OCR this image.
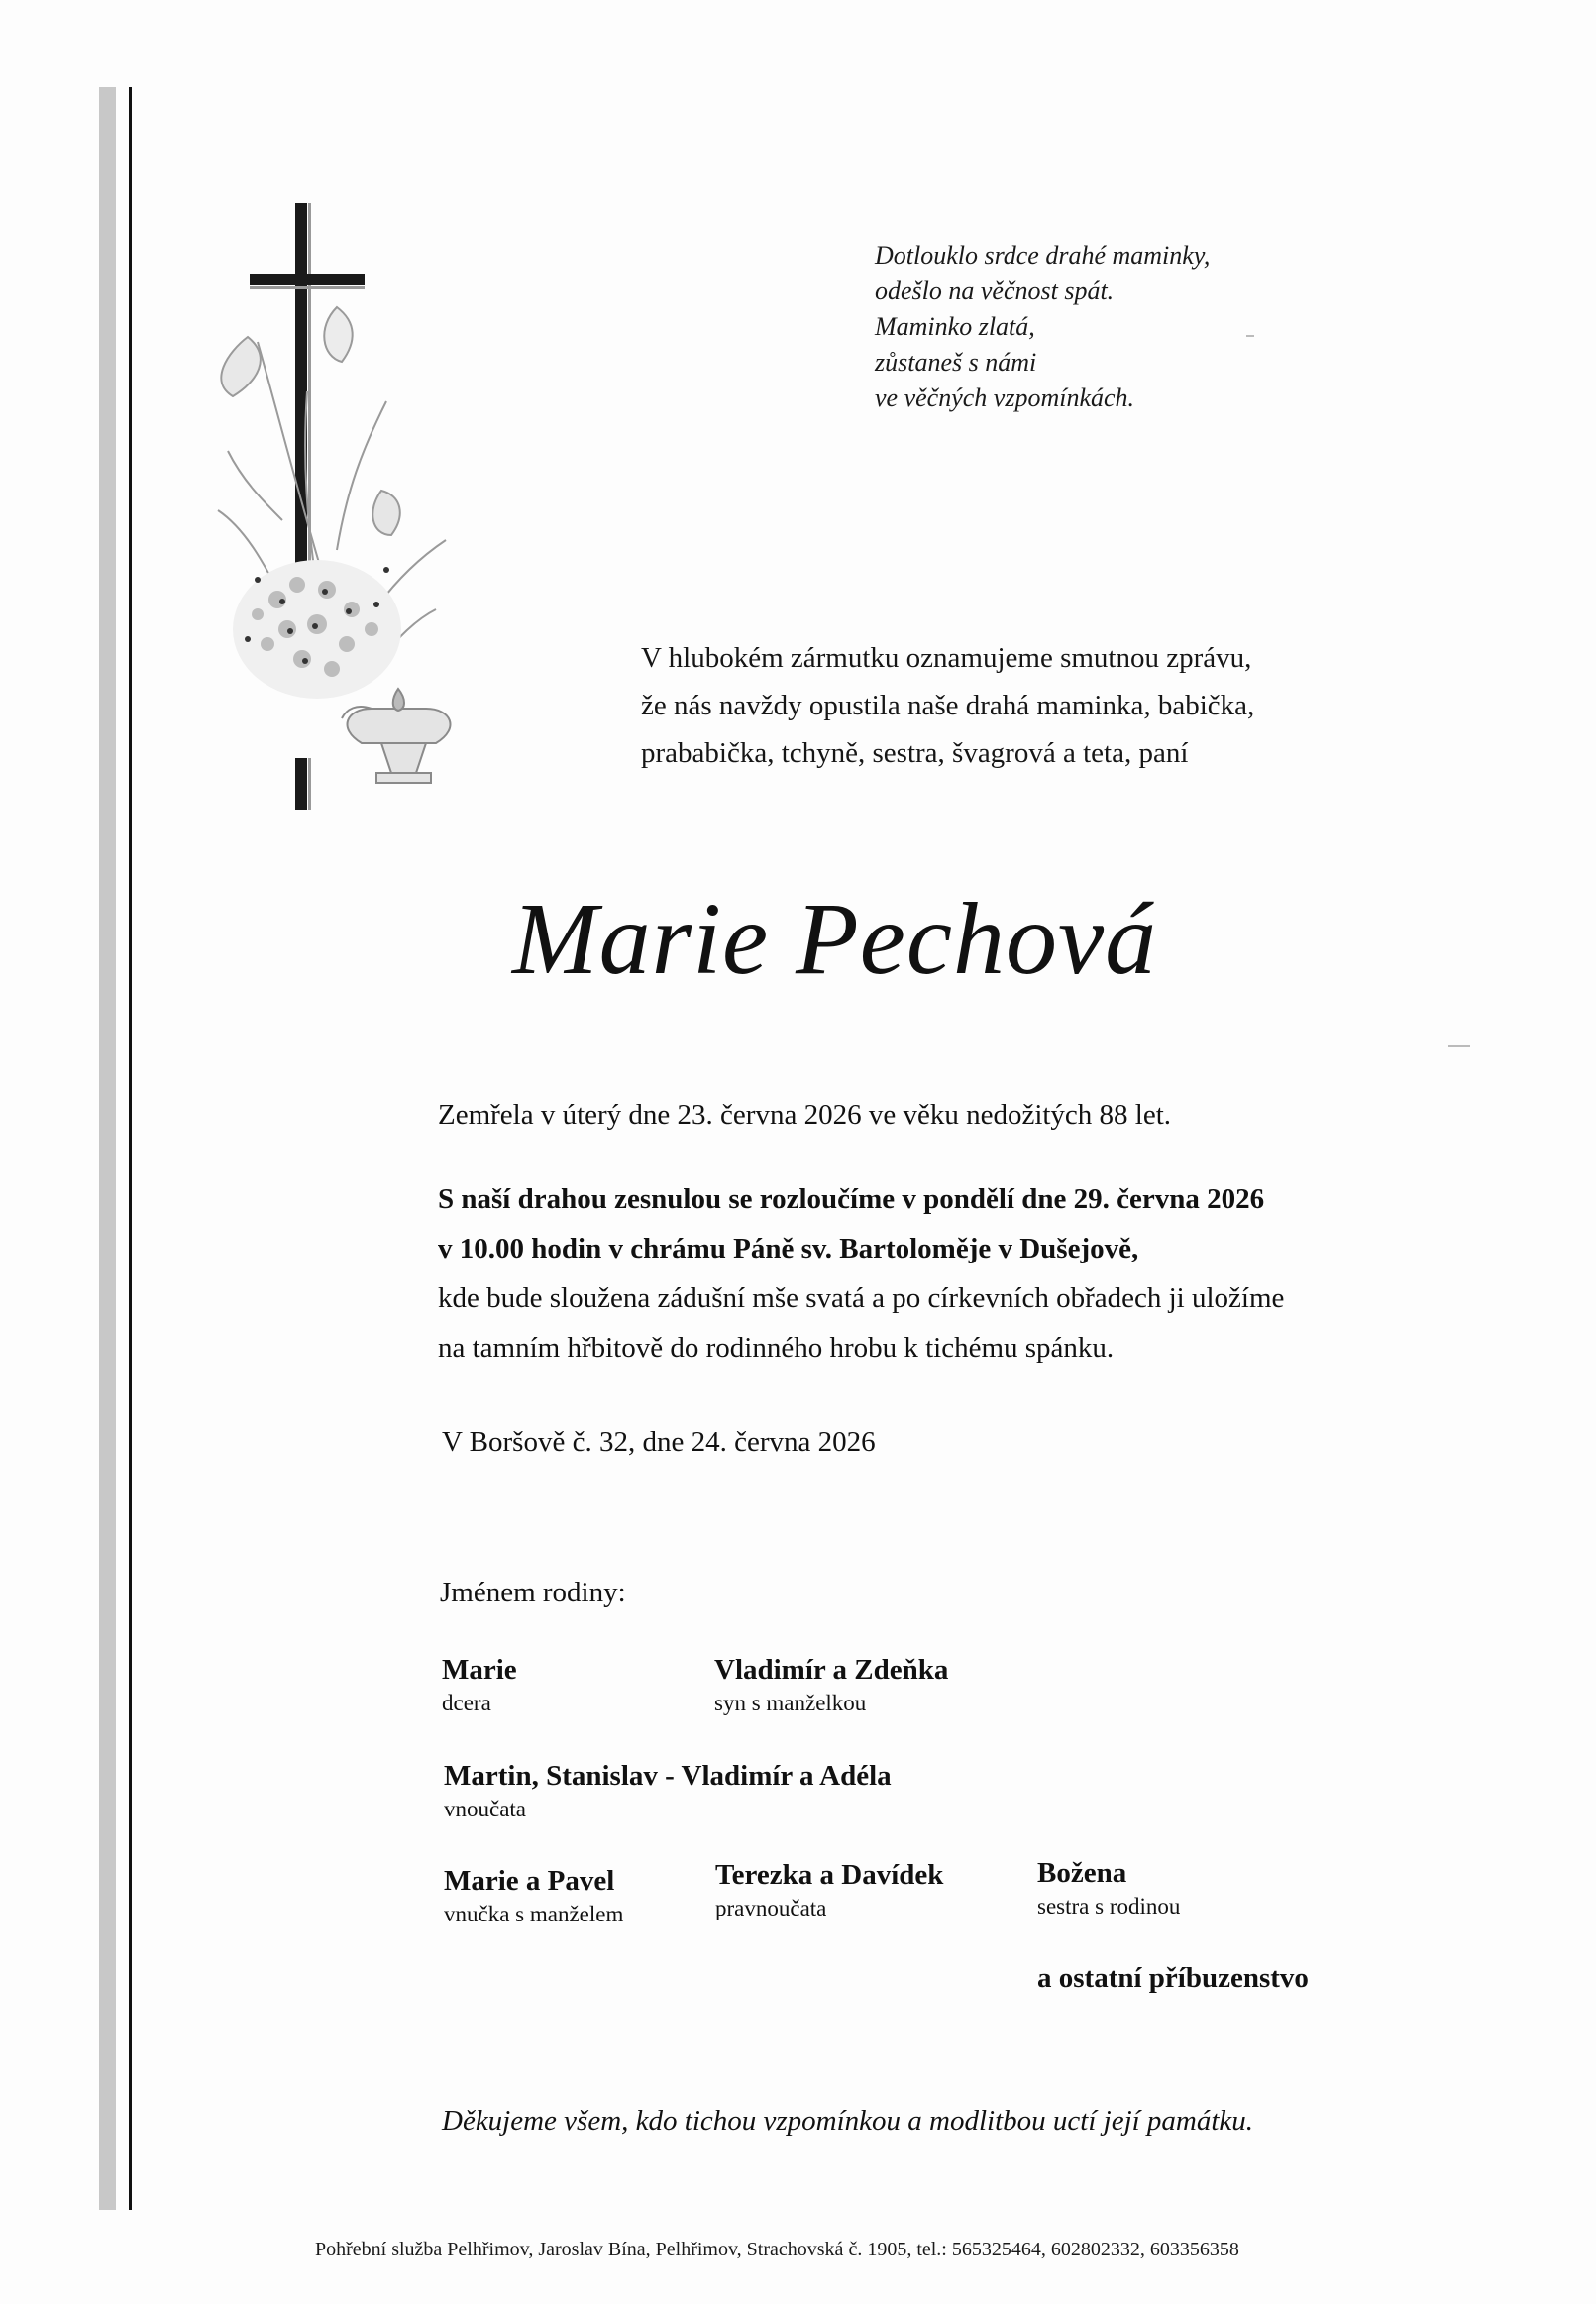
Dotlouklo srdce drahé maminky,
odešlo na věčnost spát.
Maminko zlatá,
zůstaneš s námi
ve věčných vzpomínkách.
V hlubokém zármutku oznamujeme smutnou zprávu,
že nás navždy opustila naše drahá maminka, babička,
prababička, tchyně, sestra, švagrová a teta, paní
Marie Pechová
Zemřela v úterý dne 23. června 2026 ve věku nedožitých 88 let.
S naší drahou zesnulou se rozloučíme v pondělí dne 29. června 2026
v 10.00 hodin v chrámu Páně sv. Bartoloměje v Dušejově,
kde bude sloužena zádušní mše svatá a po církevních obřadech ji uložíme
na tamním hřbitově do rodinného hrobu k tichému spánku.
V Boršově č. 32, dne 24. června 2026
Jménem rodiny:
Marie
dcera
Vladimír a Zdeňka
syn s manželkou
Martin, Stanislav - Vladimír a Adéla
vnoučata
Marie a Pavel
vnučka s manželem
Terezka a Davídek
pravnoučata
Božena
sestra s rodinou
a ostatní příbuzenstvo
Děkujeme všem, kdo tichou vzpomínkou a modlitbou uctí její památku.
Pohřební služba Pelhřimov, Jaroslav Bína, Pelhřimov, Strachovská č. 1905, tel.: 565325464, 602802332, 603356358
